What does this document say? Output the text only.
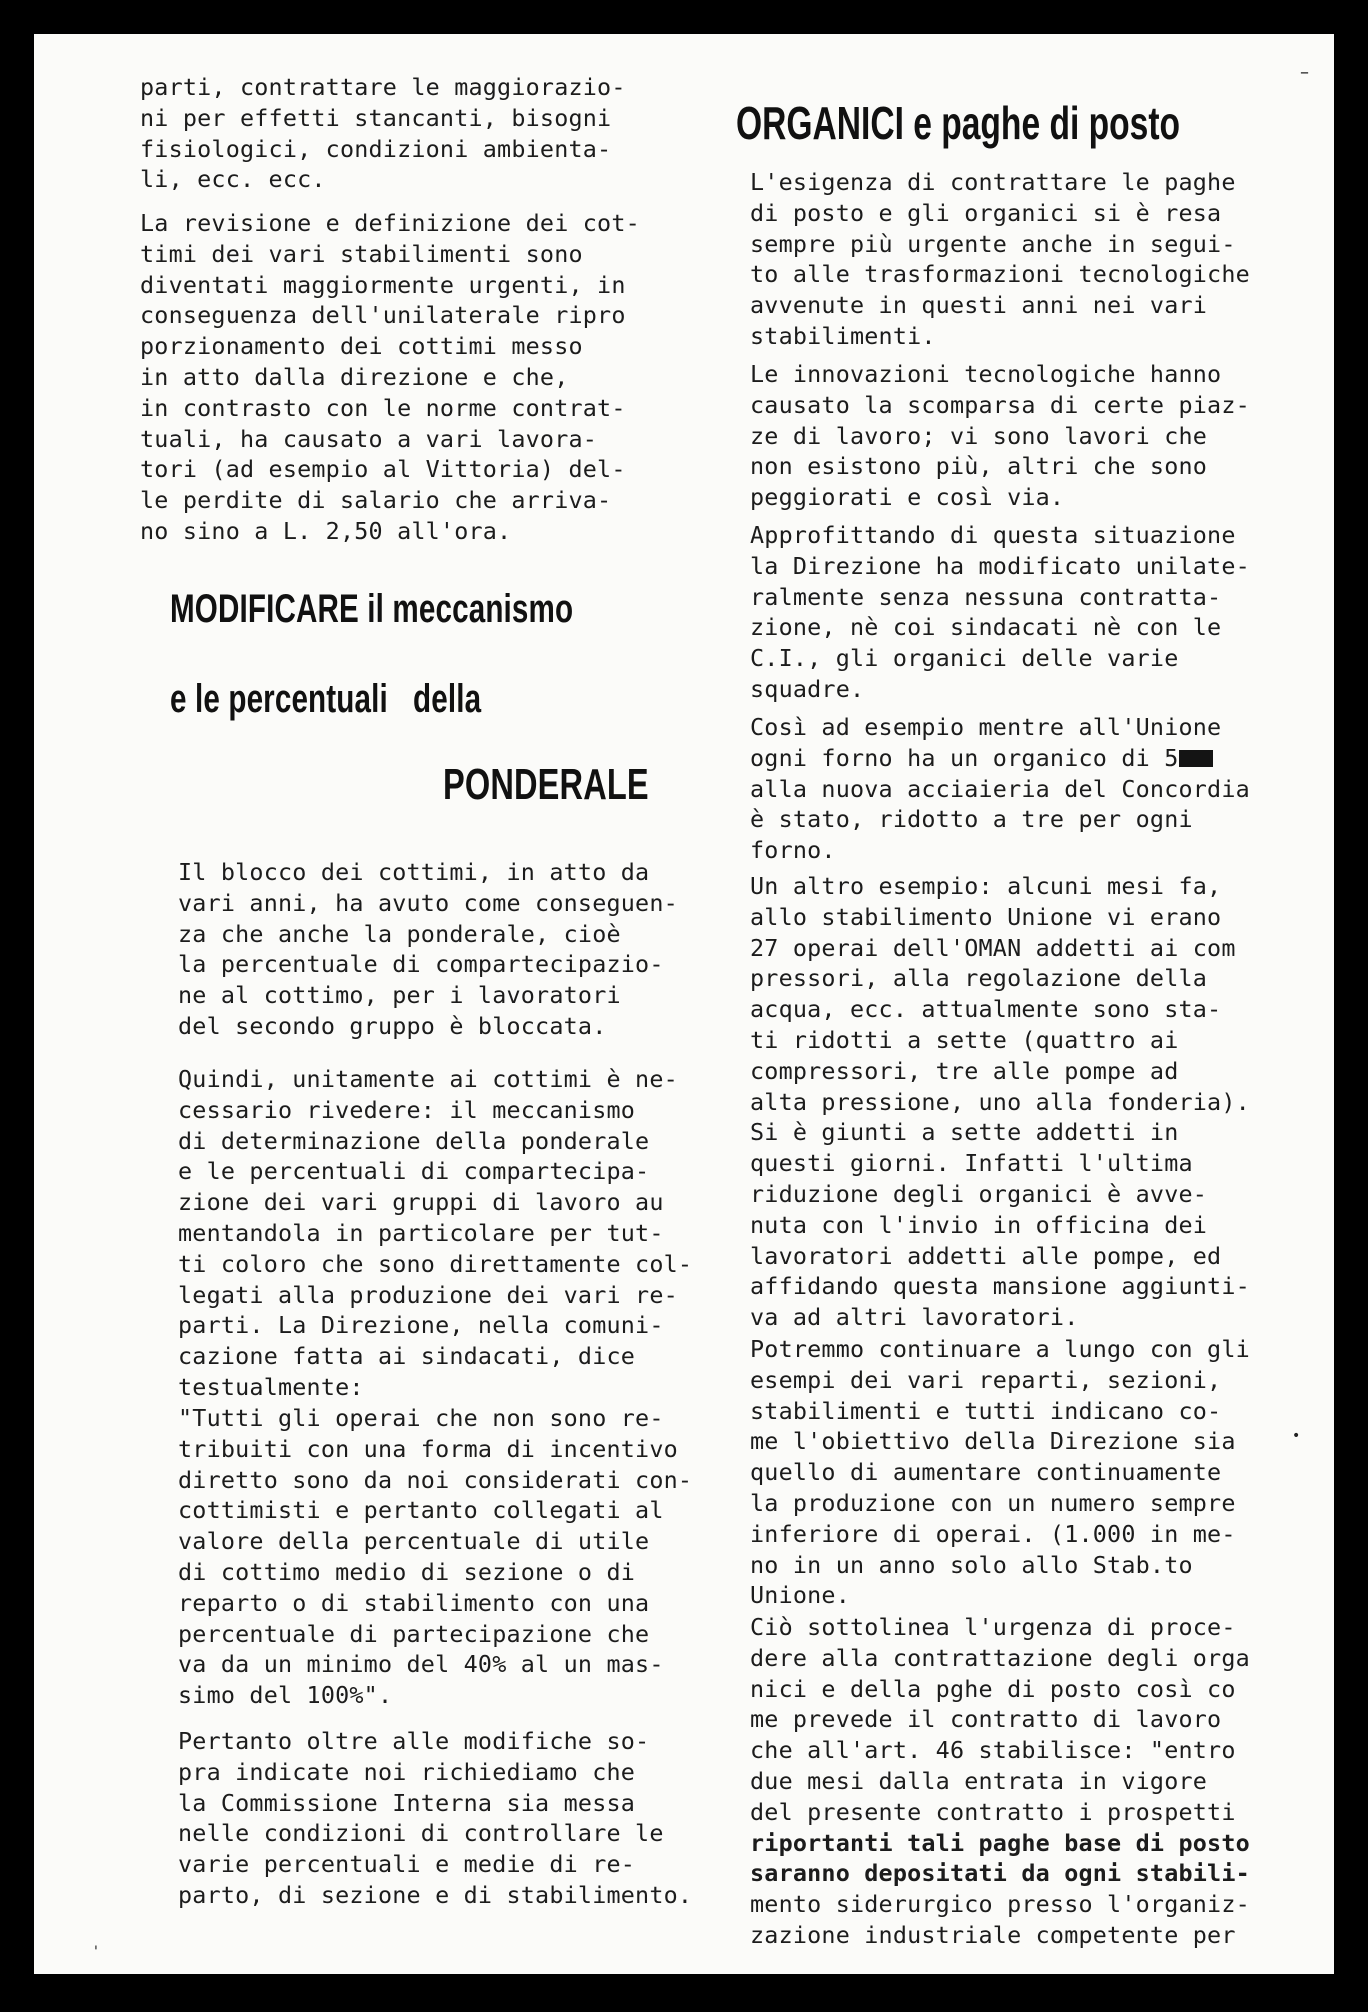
parti, contrattare le maggiorazio-
ni per effetti stancanti, bisogni
fisiologici, condizioni ambienta-
li, ecc. ecc.
La revisione e definizione dei cot-
timi dei vari stabilimenti sono
diventati maggiormente urgenti, in
conseguenza dell'unilaterale ripro
porzionamento dei cottimi messo
in atto dalla direzione e che,
in contrasto con le norme contrat-
tuali, ha causato a vari lavora-
tori (ad esempio al Vittoria) del-
le perdite di salario che arriva-
no sino a L. 2,50 all'ora.
MODIFICARE il meccanismo
e le percentuali   della
PONDERALE
Il blocco dei cottimi, in atto da
vari anni, ha avuto come conseguen-
za che anche la ponderale, cioè
la percentuale di compartecipazio-
ne al cottimo, per i lavoratori
del secondo gruppo è bloccata.
Quindi, unitamente ai cottimi è ne-
cessario rivedere: il meccanismo
di determinazione della ponderale
e le percentuali di compartecipa-
zione dei vari gruppi di lavoro au
mentandola in particolare per tut-
ti coloro che sono direttamente col-
legati alla produzione dei vari re-
parti. La Direzione, nella comuni-
cazione fatta ai sindacati, dice
testualmente:
"Tutti gli operai che non sono re-
tribuiti con una forma di incentivo
diretto sono da noi considerati con-
cottimisti e pertanto collegati al
valore della percentuale di utile
di cottimo medio di sezione o di
reparto o di stabilimento con una
percentuale di partecipazione che
va da un minimo del 40% al un mas-
simo del 100%".
Pertanto oltre alle modifiche so-
pra indicate noi richiediamo che
la Commissione Interna sia messa
nelle condizioni di controllare le
varie percentuali e medie di re-
parto, di sezione e di stabilimento.
ORGANICI e paghe di posto
L'esigenza di contrattare le paghe
di posto e gli organici si è resa
sempre più urgente anche in segui-
to alle trasformazioni tecnologiche
avvenute in questi anni nei vari
stabilimenti.
Le innovazioni tecnologiche hanno
causato la scomparsa di certe piaz-
ze di lavoro; vi sono lavori che
non esistono più, altri che sono
peggiorati e così via.
Approfittando di questa situazione
la Direzione ha modificato unilate-
ralmente senza nessuna contratta-
zione, nè coi sindacati nè con le
C.I., gli organici delle varie
squadre.
Così ad esempio mentre all'Unione
ogni forno ha un organico di 5
alla nuova acciaieria del Concordia
è stato, ridotto a tre per ogni
forno.
Un altro esempio: alcuni mesi fa,
allo stabilimento Unione vi erano
27 operai dell'OMAN addetti ai com
pressori, alla regolazione della
acqua, ecc. attualmente sono sta-
ti ridotti a sette (quattro ai
compressori, tre alle pompe ad
alta pressione, uno alla fonderia).
Si è giunti a sette addetti in
questi giorni. Infatti l'ultima
riduzione degli organici è avve-
nuta con l'invio in officina dei
lavoratori addetti alle pompe, ed
affidando questa mansione aggiunti-
va ad altri lavoratori.
Potremmo continuare a lungo con gli
esempi dei vari reparti, sezioni,
stabilimenti e tutti indicano co-
me l'obiettivo della Direzione sia
quello di aumentare continuamente
la produzione con un numero sempre
inferiore di operai. (1.000 in me-
no in un anno solo allo Stab.to
Unione.
Ciò sottolinea l'urgenza di proce-
dere alla contrattazione degli orga
nici e della pghe di posto così co
me prevede il contratto di lavoro
che all'art. 46 stabilisce: "entro
due mesi dalla entrata in vigore
del presente contratto i prospetti
riportanti tali paghe base di posto
saranno depositati da ogni stabili-
mento siderurgico presso l'organiz-
zazione industriale competente per
–
•
'
